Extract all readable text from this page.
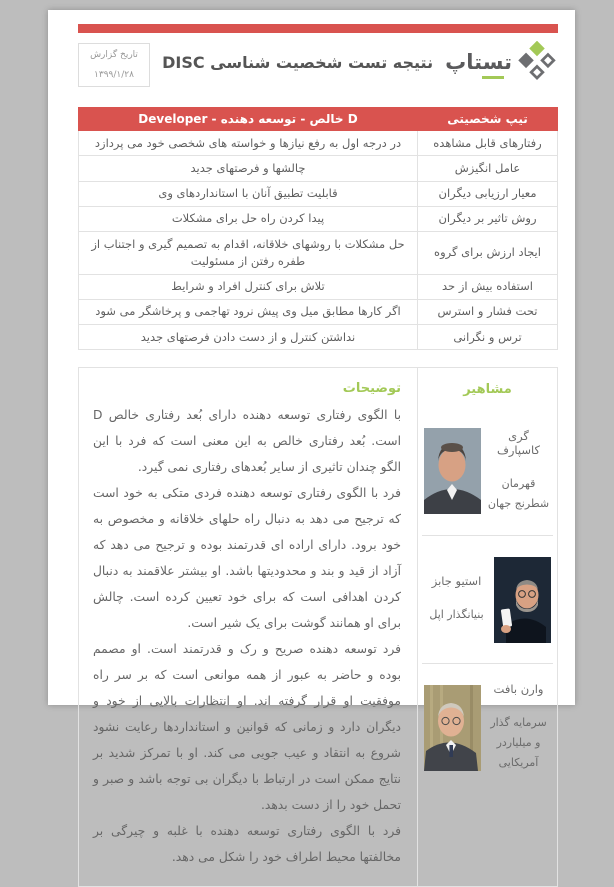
تستاپ
نتیجه تست شخصیت شناسی DISC
تاریخ گزارش
۱۳۹۹/۱/۲۸
تیپ شخصیتی	D خالص - توسعه دهنده - Developer
رفتارهای قابل مشاهده	در درجه اول به رفع نیازها و خواسته های شخصی خود می پردازد
عامل انگیزش	چالشها و فرصتهای جدید
معیار ارزیابی دیگران	قابلیت تطبیق آنان با استانداردهای وی
روش تاثیر بر دیگران	پیدا کردن راه حل برای مشکلات
ایجاد ارزش برای گروه	حل مشکلات با روشهای خلاقانه، اقدام به تصمیم گیری و اجتناب از طفره رفتن از مسئولیت
استفاده بیش از حد	تلاش برای کنترل افراد و شرایط
تحت فشار و استرس	اگر کارها مطابق میل وی پیش نرود تهاجمی و پرخاشگر می شود
ترس و نگرانی	نداشتن کنترل و از دست دادن فرصتهای جدید
مشاهیر
گری کاسپارف
قهرمان شطرنج جهان
استیو جابز
بنیانگذار اپل
وارن بافت
سرمایه گذار و میلیاردر آمریکایی
توضیحات

با الگوی رفتاری توسعه دهنده دارای بُعد رفتاری خالص D است. بُعد رفتاری خالص به این معنی است که فرد با این الگو چندان تاثیری از سایر بُعدهای رفتاری نمی گیرد.

فرد با الگوی رفتاری توسعه دهنده فردی متکی به خود است که ترجیح می دهد به دنبال راه حلهای خلاقانه و مخصوص به خود برود. دارای اراده ای قدرتمند بوده و ترجیح می دهد که آزاد از قید و بند و محدودیتها باشد. او بیشتر علاقمند به دنبال کردن اهدافی است که برای خود تعیین کرده است. چالش برای او همانند گوشت برای یک شیر است.

فرد توسعه دهنده صریح و رک و قدرتمند است. او مصمم بوده و حاضر به عبور از همه موانعی است که بر سر راه موفقیت او قرار گرفته اند. او انتظارات بالایی از خود و دیگران دارد و زمانی که قوانین و استانداردها رعایت نشود شروع به انتقاد و عیب جویی می کند. او با تمرکز شدید بر نتایج ممکن است در ارتباط با دیگران بی توجه باشد و صبر و تحمل خود را از دست بدهد.

فرد با الگوی رفتاری توسعه دهنده با غلبه و چیرگی بر مخالفتها محیط اطراف خود را شکل می دهد.
